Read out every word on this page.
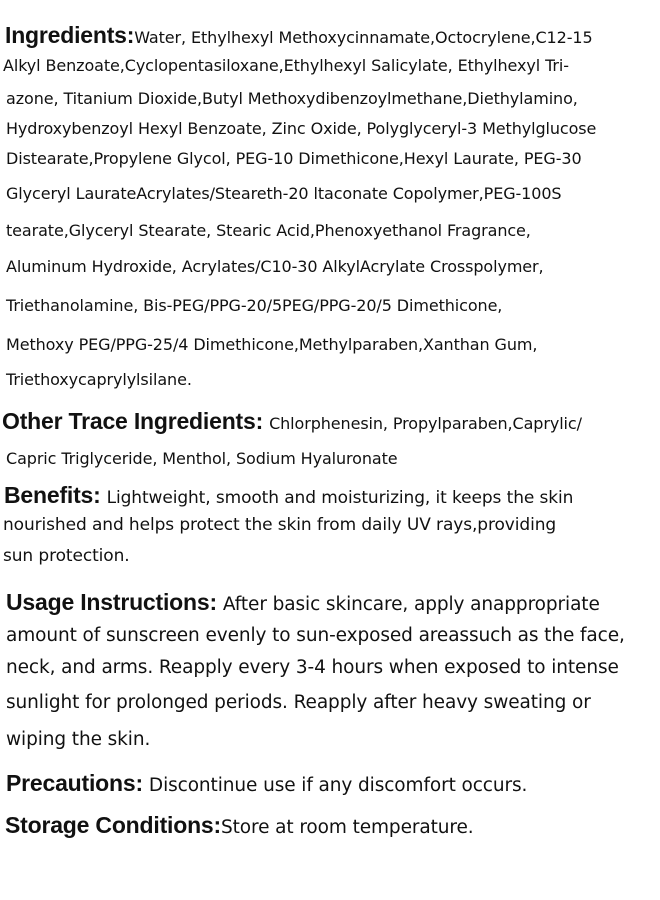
Ingredients:Water, Ethylhexyl Methoxycinnamate,Octocrylene,C12-15
Alkyl Benzoate,Cyclopentasiloxane,Ethylhexyl Salicylate, Ethylhexyl Tri-
azone, Titanium Dioxide,Butyl Methoxydibenzoylmethane,Diethylamino,
Hydroxybenzoyl Hexyl Benzoate, Zinc Oxide, Polyglyceryl-3 Methylglucose
Distearate,Propylene Glycol, PEG-10 Dimethicone,Hexyl Laurate, PEG-30
Glyceryl LaurateAcrylates/Steareth-20 ltaconate Copolymer,PEG-100S
tearate,Glyceryl Stearate, Stearic Acid,Phenoxyethanol Fragrance,
Aluminum Hydroxide, Acrylates/C10-30 AlkylAcrylate Crosspolymer,
Triethanolamine, Bis-PEG/PPG-20/5PEG/PPG-20/5 Dimethicone,
Methoxy PEG/PPG-25/4 Dimethicone,Methylparaben,Xanthan Gum,
Triethoxycaprylylsilane.
Other Trace Ingredients: Chlorphenesin, Propylparaben,Caprylic/
Capric Triglyceride, Menthol, Sodium Hyaluronate
Benefits: Lightweight, smooth and moisturizing, it keeps the skin
nourished and helps protect the skin from daily UV rays,providing
sun protection.
Usage Instructions: After basic skincare, apply anappropriate
amount of sunscreen evenly to sun-exposed areassuch as the face,
neck, and arms. Reapply every 3-4 hours when exposed to intense
sunlight for prolonged periods. Reapply after heavy sweating or
wiping the skin.
Precautions: Discontinue use if any discomfort occurs.
Storage Conditions:Store at room temperature.
